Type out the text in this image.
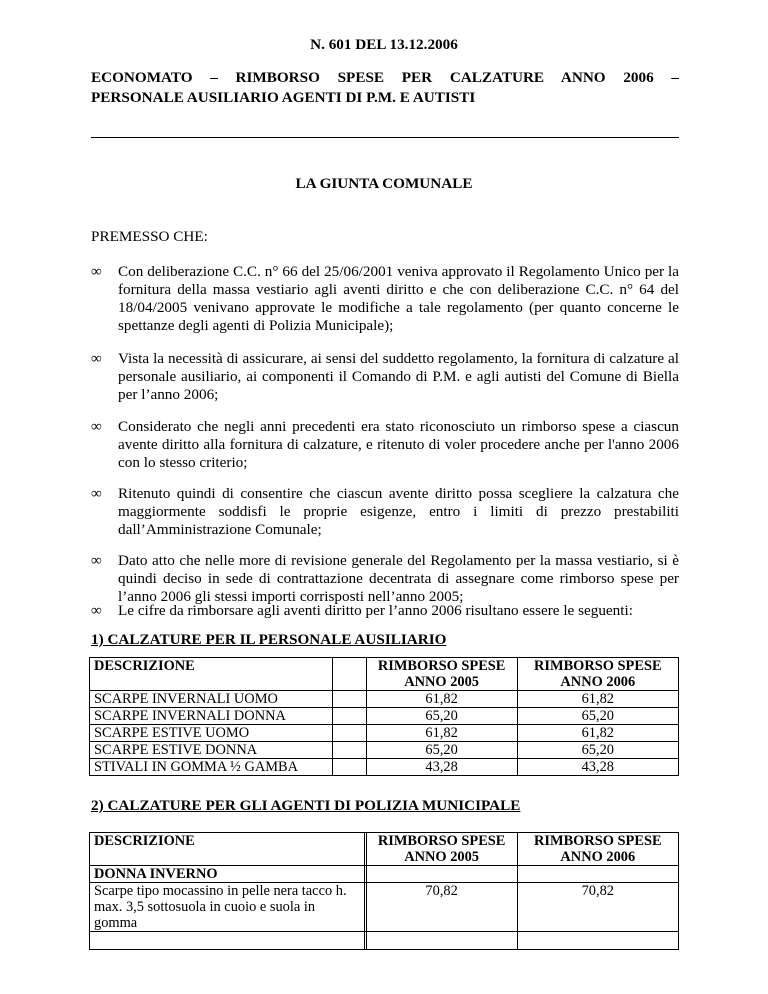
N. 601 DEL 13.12.2006
ECONOMATO – RIMBORSO SPESE PER CALZATURE ANNO 2006 –
PERSONALE AUSILIARIO AGENTI DI P.M. E AUTISTI
LA GIUNTA COMUNALE
PREMESSO CHE:
∞ Con deliberazione C.C. n° 66 del 25/06/2001 veniva approvato il Regolamento Unico per la fornitura della massa vestiario agli aventi diritto e che con deliberazione C.C. n° 64 del 18/04/2005 venivano approvate le modifiche a tale regolamento (per quanto concerne le spettanze degli agenti di Polizia Municipale);
∞ Vista la necessità di assicurare, ai sensi del suddetto regolamento, la fornitura di calzature al personale ausiliario, ai componenti il Comando di P.M. e agli autisti del Comune di Biella per l’anno 2006;
∞ Considerato che negli anni precedenti era stato riconosciuto un rimborso spese a ciascun avente diritto alla fornitura di calzature, e ritenuto di voler procedere anche per l'anno 2006 con lo stesso criterio;
∞ Ritenuto quindi di consentire che ciascun avente diritto possa scegliere la calzatura che maggiormente soddisfi le proprie esigenze, entro i limiti di prezzo prestabiliti dall’Amministrazione Comunale;
∞ Dato atto che nelle more di revisione generale del Regolamento per la massa vestiario, si è quindi deciso in sede di contrattazione decentrata di assegnare come rimborso spese per l’anno 2006 gli stessi importi corrisposti nell’anno 2005;
∞ Le cifre da rimborsare agli aventi diritto per l’anno 2006 risultano essere le seguenti:
1) CALZATURE PER IL PERSONALE AUSILIARIO
DESCRIZIONE		RIMBORSO SPESE	RIMBORSO SPESE

		ANNO 2005	ANNO 2006
SCARPE INVERNALI UOMO		61,82	61,82
SCARPE INVERNALI DONNA		65,20	65,20
SCARPE ESTIVE UOMO		61,82	61,82
SCARPE ESTIVE DONNA		65,20	65,20
STIVALI IN GOMMA ½ GAMBA		43,28	43,28
2) CALZATURE PER GLI AGENTI DI POLIZIA MUNICIPALE
DESCRIZIONE		RIMBORSO SPESE	RIMBORSO SPESE

		ANNO 2005	ANNO 2006
DONNA INVERNO			

Scarpe tipo mocassino in pelle nera tacco h.
max. 3,5 sottosuola in cuoio e suola in gomma		70,82	70,82
